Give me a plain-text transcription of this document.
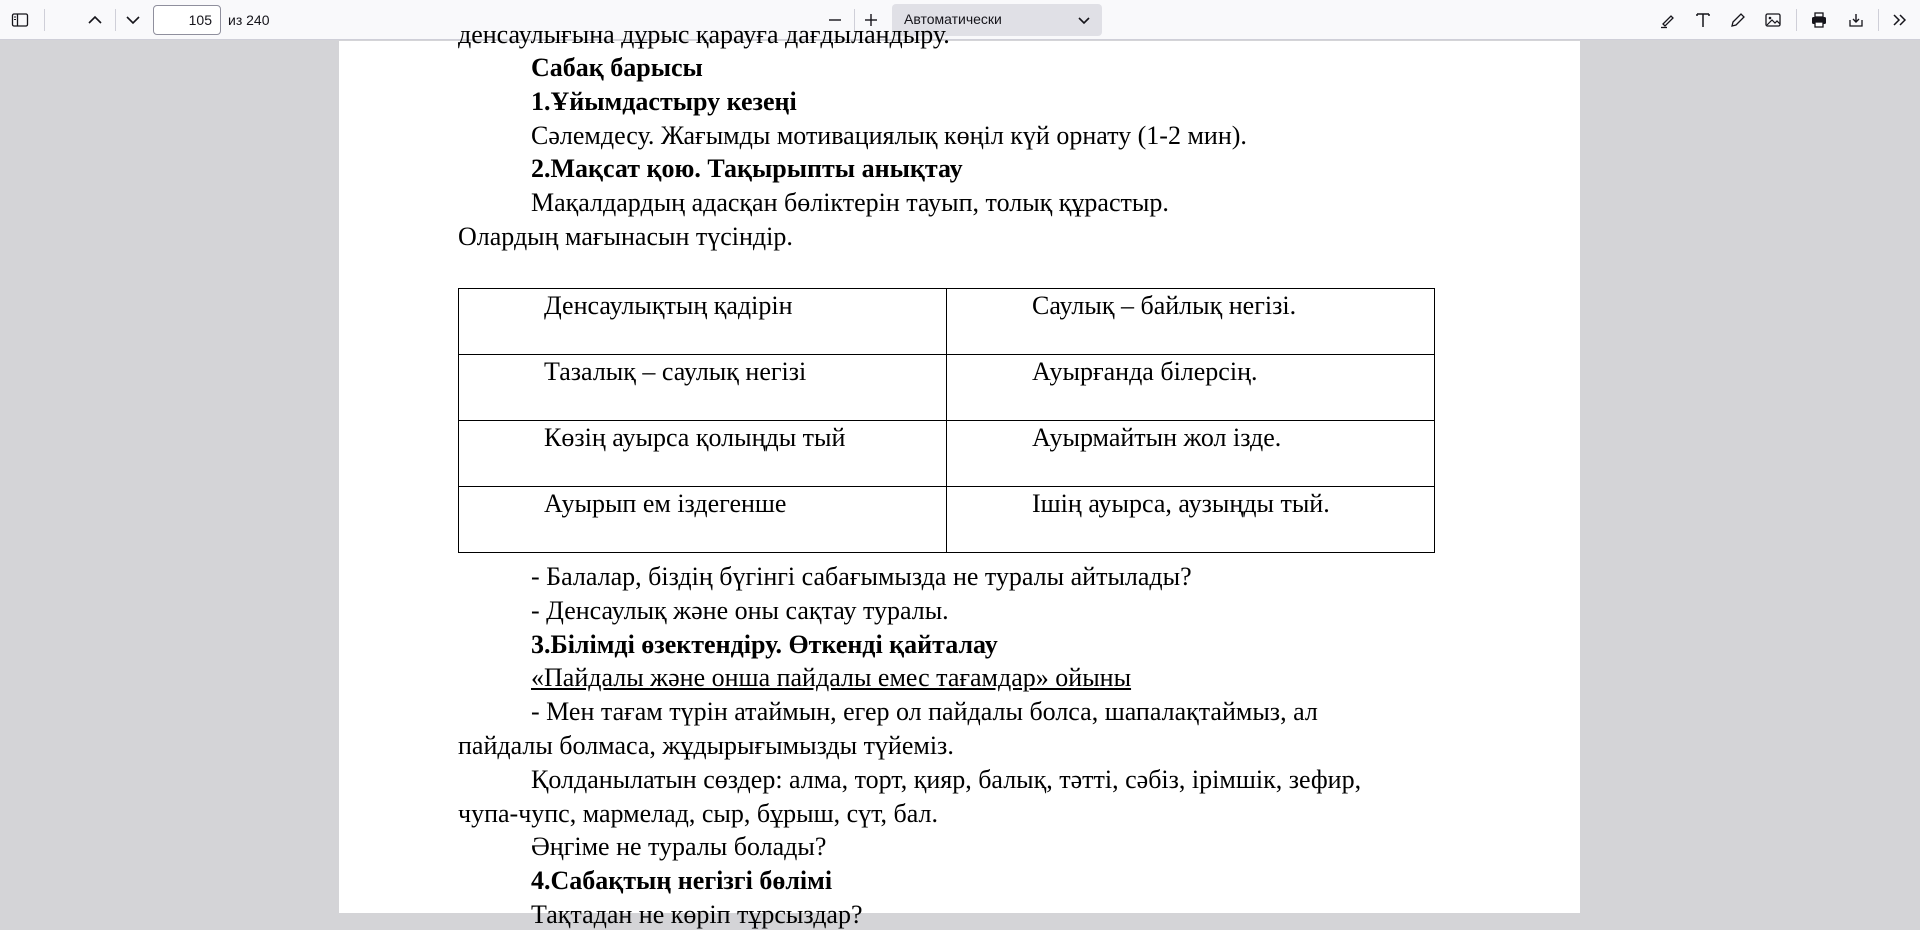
105	из 240	Автоматически
денсаулығына дұрыс қарауға дағдыландыру.
Сабақ барысы
1.Ұйымдастыру кезеңі
Сәлемдесу. Жағымды мотивациялық көңіл күй орнату (1-2 мин).
2.Мақсат қою. Тақырыпты анықтау
Мақалдардың адасқан бөліктерін тауып, толық құрастыр.
Олардың мағынасын түсіндір.
Денсаулықтың қадірін	Саулық – байлық негізі.
Тазалық – саулық негізі	Ауырғанда білерсің.
Көзің ауырса қолыңды тый	Ауырмайтын жол ізде.
Ауырып ем іздегенше	Ішің ауырса, аузыңды тый.
- Балалар, біздің бүгінгі сабағымызда не туралы айтылады?
- Денсаулық және оны сақтау туралы.
3.Білімді өзектендіру. Өткенді қайталау
«Пайдалы және онша пайдалы емес тағамдар» ойыны
- Мен тағам түрін атаймын, егер ол пайдалы болса, шапалақтаймыз, ал
пайдалы болмаса, жұдырығымызды түйеміз.
Қолданылатын сөздер: алма, торт, қияр, балық, тәтті, сәбіз, ірімшік, зефир,
чупа-чупс, мармелад, сыр, бұрыш, сүт, бал.
Әңгіме не туралы болады?
4.Сабақтың негізгі бөлімі
Тақтадан не көріп тұрсыздар?
